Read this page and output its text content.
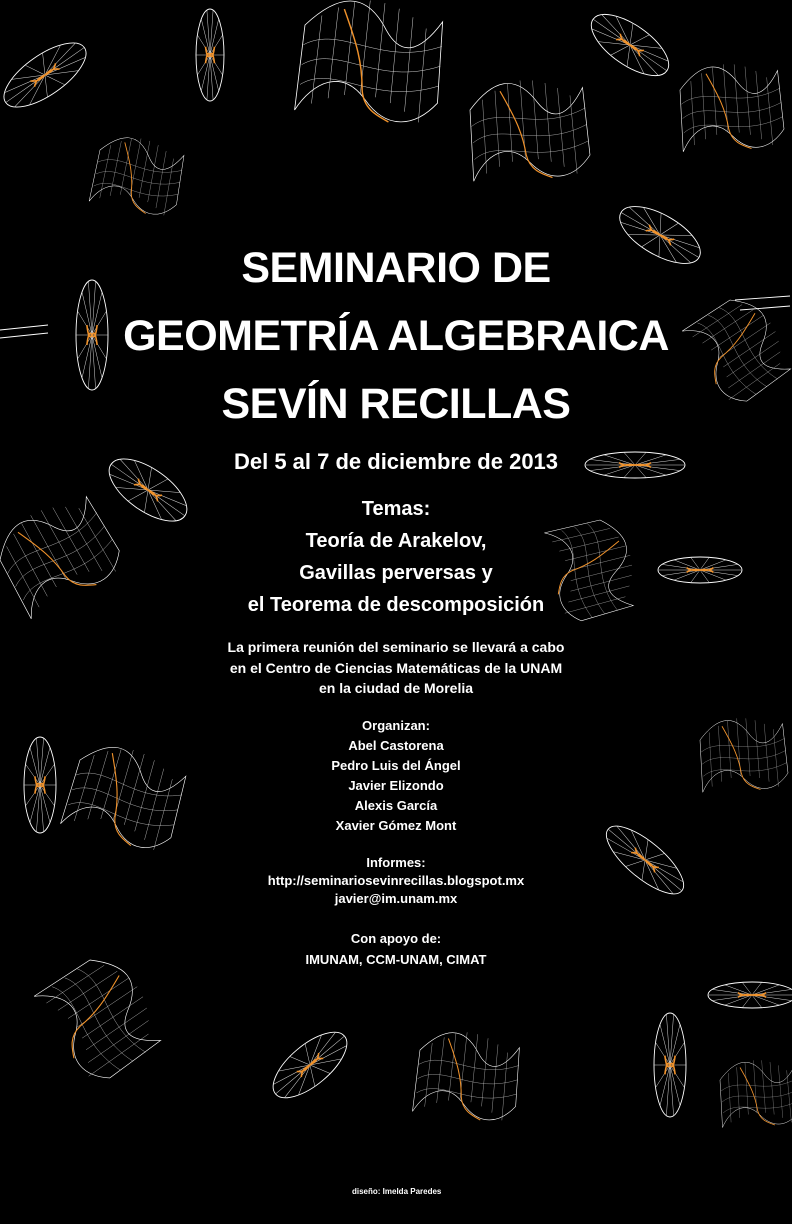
SEMINARIO DE
GEOMETRÍA ALGEBRAICA
SEVÍN RECILLAS
Del 5 al 7 de diciembre de 2013
Temas:
Teoría de Arakelov,
Gavillas perversas y
el Teorema de descomposición
La primera reunión del seminario se llevará a cabo
en el Centro de Ciencias Matemáticas de la UNAM
en la ciudad de Morelia
Organizan:
Abel Castorena
Pedro Luis del Ángel
Javier Elizondo
Alexis García
Xavier Gómez Mont
Informes:
http://seminariosevinrecillas.blogspot.mx
javier@im.unam.mx
Con apoyo de:
IMUNAM, CCM-UNAM, CIMAT
diseño: Imelda Paredes
